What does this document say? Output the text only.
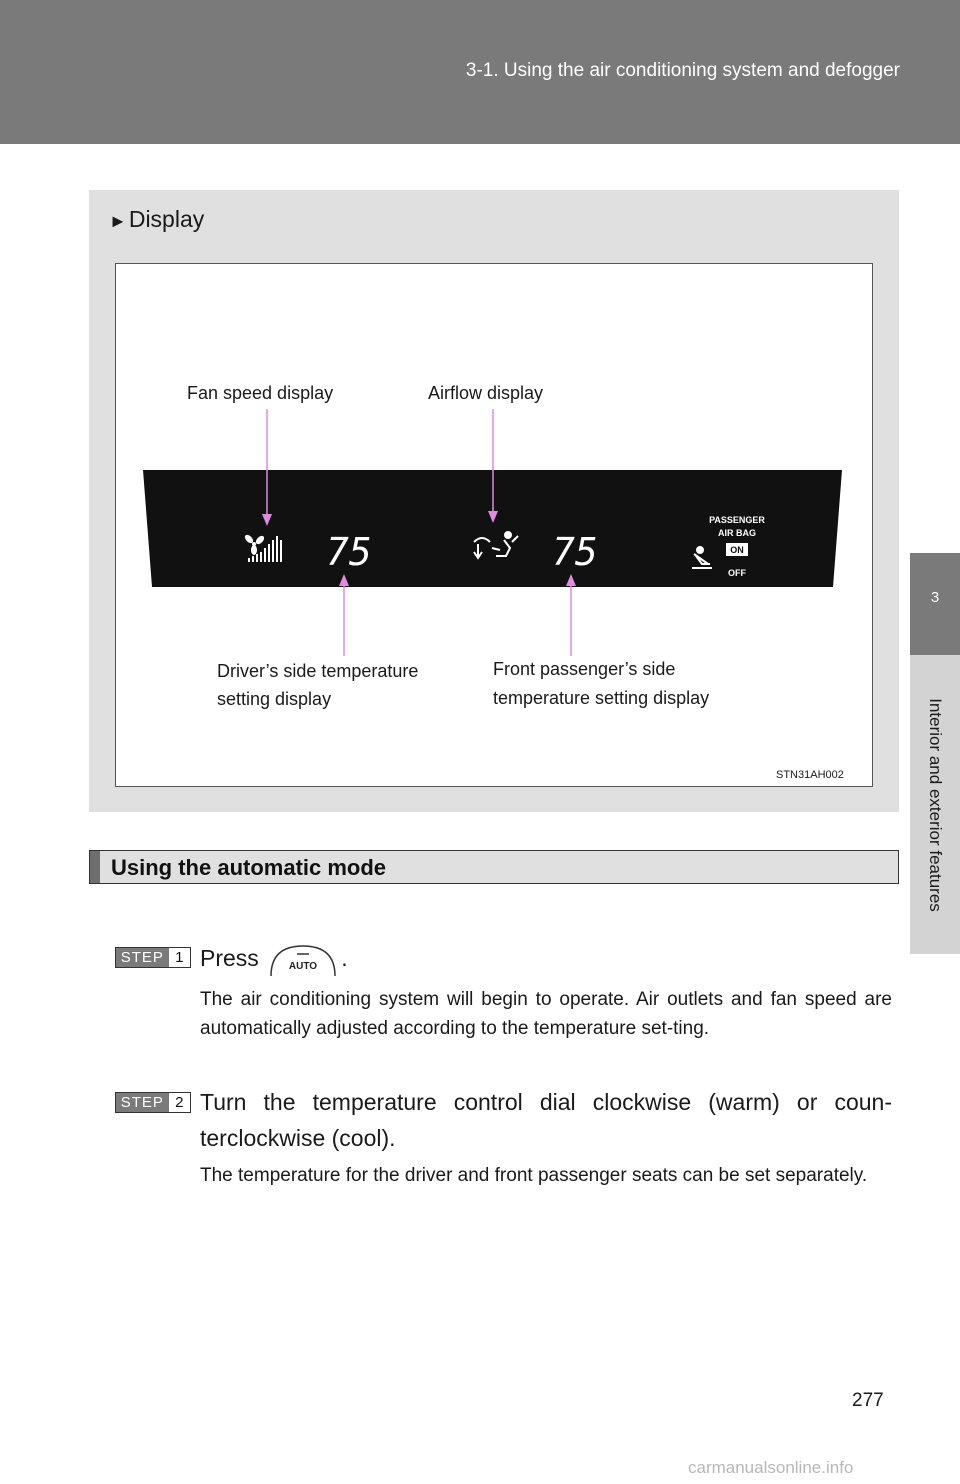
3-1. Using the air conditioning system and defogger
3
Interior and exterior features
►Display
Fan speed display	Airflow display
75	75
PASSENGER
AIR BAG
ON
OFF
Driver’s side temperature
setting display
Front passenger’s side
temperature setting display
STN31AH002
Using the automatic mode
STEP 1 Press	AUTO .
The air conditioning system will begin to operate. Air outlets and fan speed are automatically adjusted according to the temperature set-ting.
STEP 2 Turn the temperature control dial clockwise (warm) or coun-terclockwise (cool).
The temperature for the driver and front passenger seats can be set separately.
277
carmanualsonline.info
